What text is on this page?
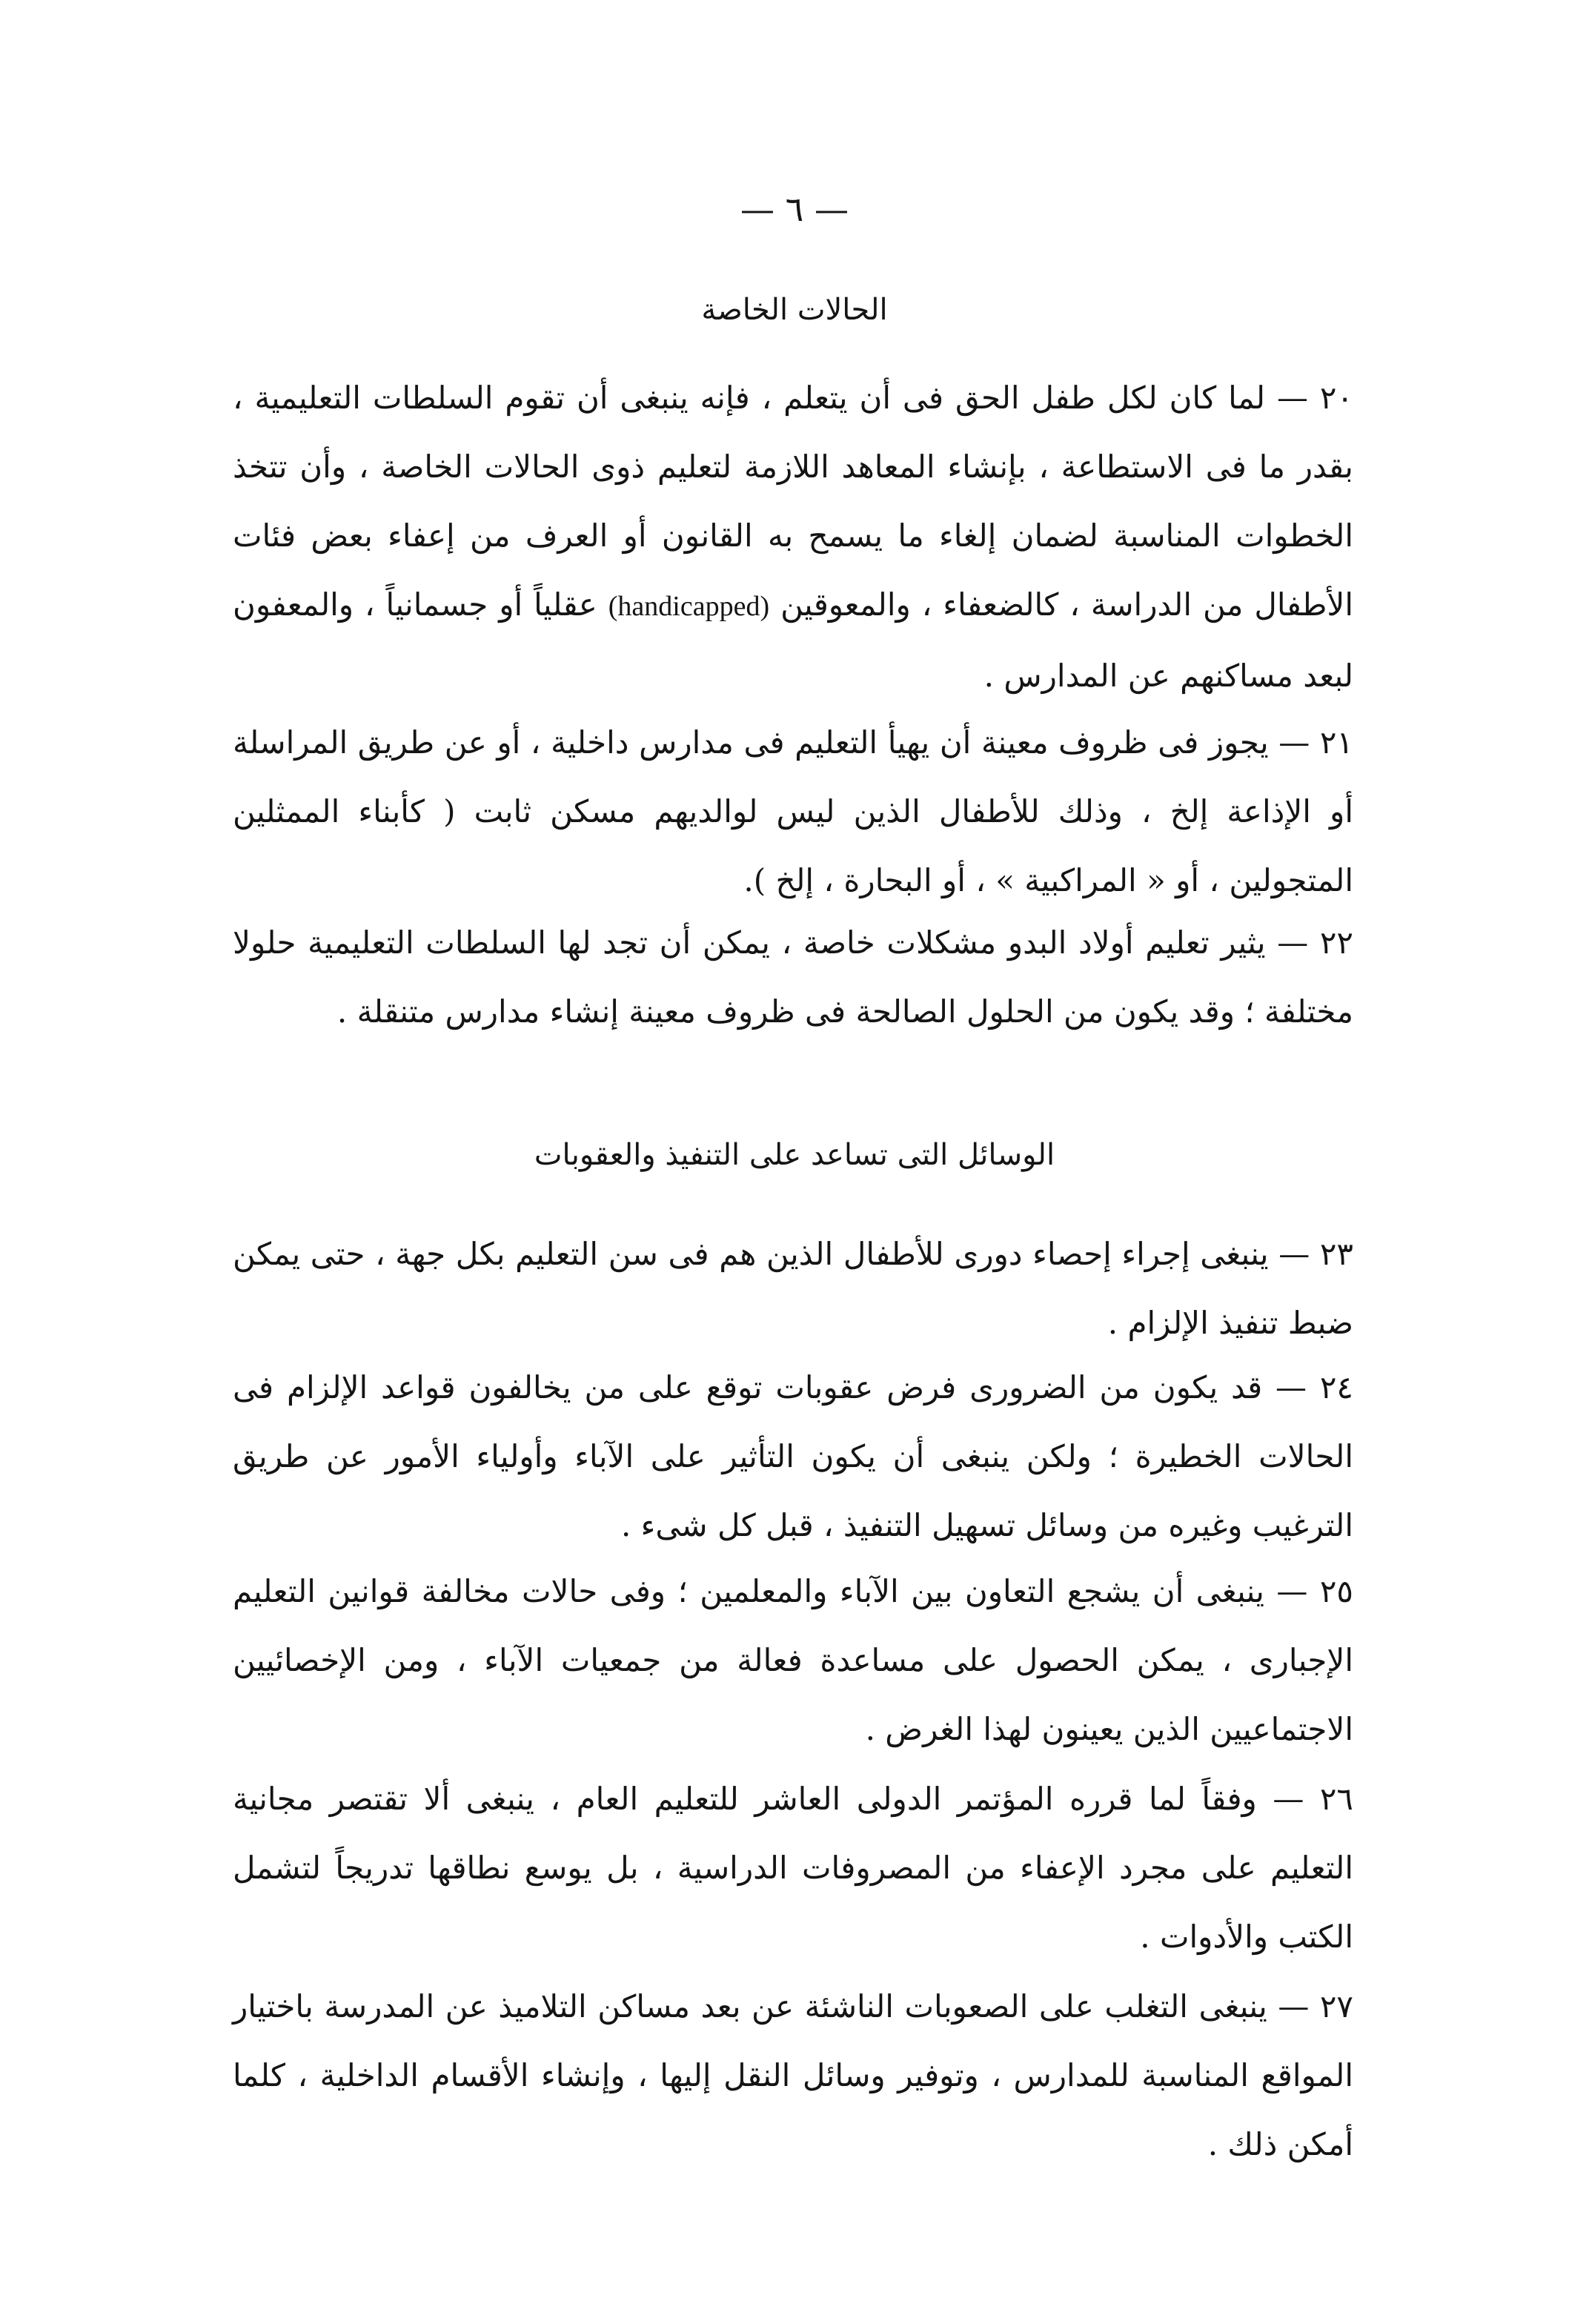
— ٦ —
الحالات الخاصة

٢٠ — لما كان لكل طفل الحق فى أن يتعلم ، فإنه ينبغى أن تقوم السلطات التعليمية ، بقدر ما فى الاستطاعة ، بإنشاء المعاهد اللازمة لتعليم ذوى الحالات الخاصة ، وأن تتخذ الخطوات المناسبة لضمان إلغاء ما يسمح به القانون أو العرف من إعفاء بعض فئات الأطفال من الدراسة ، كالضعفاء ، والمعوقين (handicapped) عقلياً أو جسمانياً ، والمعفون لبعد مساكنهم عن المدارس .

٢١ — يجوز فى ظروف معينة أن يهيأ التعليم فى مدارس داخلية ، أو عن طريق المراسلة أو الإذاعة إلخ ، وذلك للأطفال الذين ليس لوالديهم مسكن ثابت ( كأبناء الممثلين المتجولين ، أو « المراكبية » ، أو البحارة ، إلخ ).

٢٢ — يثير تعليم أولاد البدو مشكلات خاصة ، يمكن أن تجد لها السلطات التعليمية حلولا مختلفة ؛ وقد يكون من الحلول الصالحة فى ظروف معينة إنشاء مدارس متنقلة .

الوسائل التى تساعد على التنفيذ والعقوبات

٢٣ — ينبغى إجراء إحصاء دورى للأطفال الذين هم فى سن التعليم بكل جهة ، حتى يمكن ضبط تنفيذ الإلزام .

٢٤ — قد يكون من الضرورى فرض عقوبات توقع على من يخالفون قواعد الإلزام فى الحالات الخطيرة ؛ ولكن ينبغى أن يكون التأثير على الآباء وأولياء الأمور عن طريق الترغيب وغيره من وسائل تسهيل التنفيذ ، قبل كل شىء .

٢٥ — ينبغى أن يشجع التعاون بين الآباء والمعلمين ؛ وفى حالات مخالفة قوانين التعليم الإجبارى ، يمكن الحصول على مساعدة فعالة من جمعيات الآباء ، ومن الإخصائيين الاجتماعيين الذين يعينون لهذا الغرض .

٢٦ — وفقاً لما قرره المؤتمر الدولى العاشر للتعليم العام ، ينبغى ألا تقتصر مجانية التعليم على مجرد الإعفاء من المصروفات الدراسية ، بل يوسع نطاقها تدريجاً لتشمل الكتب والأدوات .

٢٧ — ينبغى التغلب على الصعوبات الناشئة عن بعد مساكن التلاميذ عن المدرسة باختيار المواقع المناسبة للمدارس ، وتوفير وسائل النقل إليها ، وإنشاء الأقسام الداخلية ، كلما أمكن ذلك .
